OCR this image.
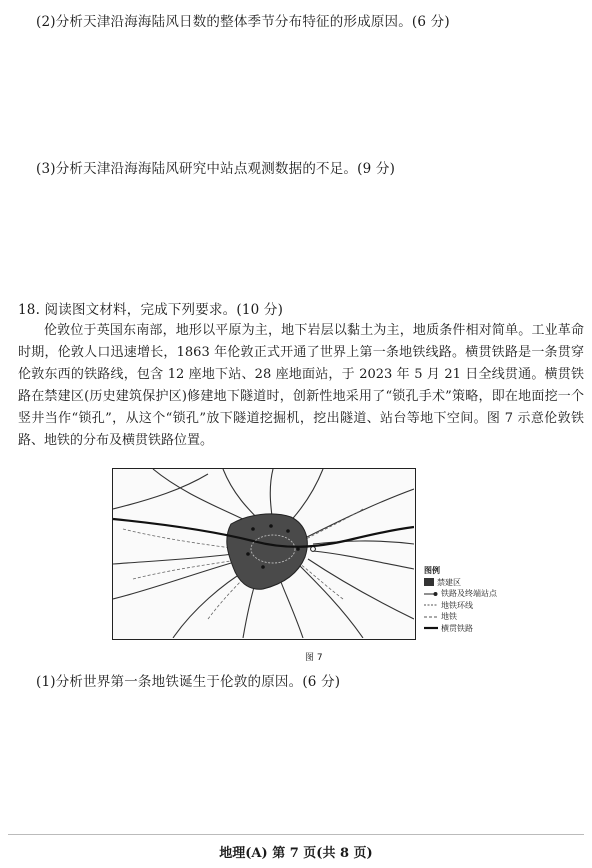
(2)分析天津沿海海陆风日数的整体季节分布特征的形成原因。(6 分)
(3)分析天津沿海海陆风研究中站点观测数据的不足。(9 分)
18. 阅读图文材料，完成下列要求。(10 分)

伦敦位于英国东南部，地形以平原为主，地下岩层以黏土为主，地质条件相对简单。工业革命时期，伦敦人口迅速增长，1863 年伦敦正式开通了世界上第一条地铁线路。横贯铁路是一条贯穿伦敦东西的铁路线，包含 12 座地下站、28 座地面站，于 2023 年 5 月 21 日全线贯通。横贯铁路在禁建区(历史建筑保护区)修建地下隧道时，创新性地采用了“锁孔手术”策略，即在地面挖一个竖井当作“锁孔”，从这个“锁孔”放下隧道挖掘机，挖出隧道、站台等地下空间。图 7 示意伦敦铁路、地铁的分布及横贯铁路位置。

图例
禁建区
铁路及终端站点
地铁环线
地铁
横贯铁路
图 7
(1)分析世界第一条地铁诞生于伦敦的原因。(6 分)
地理(A) 第 7 页(共 8 页)
